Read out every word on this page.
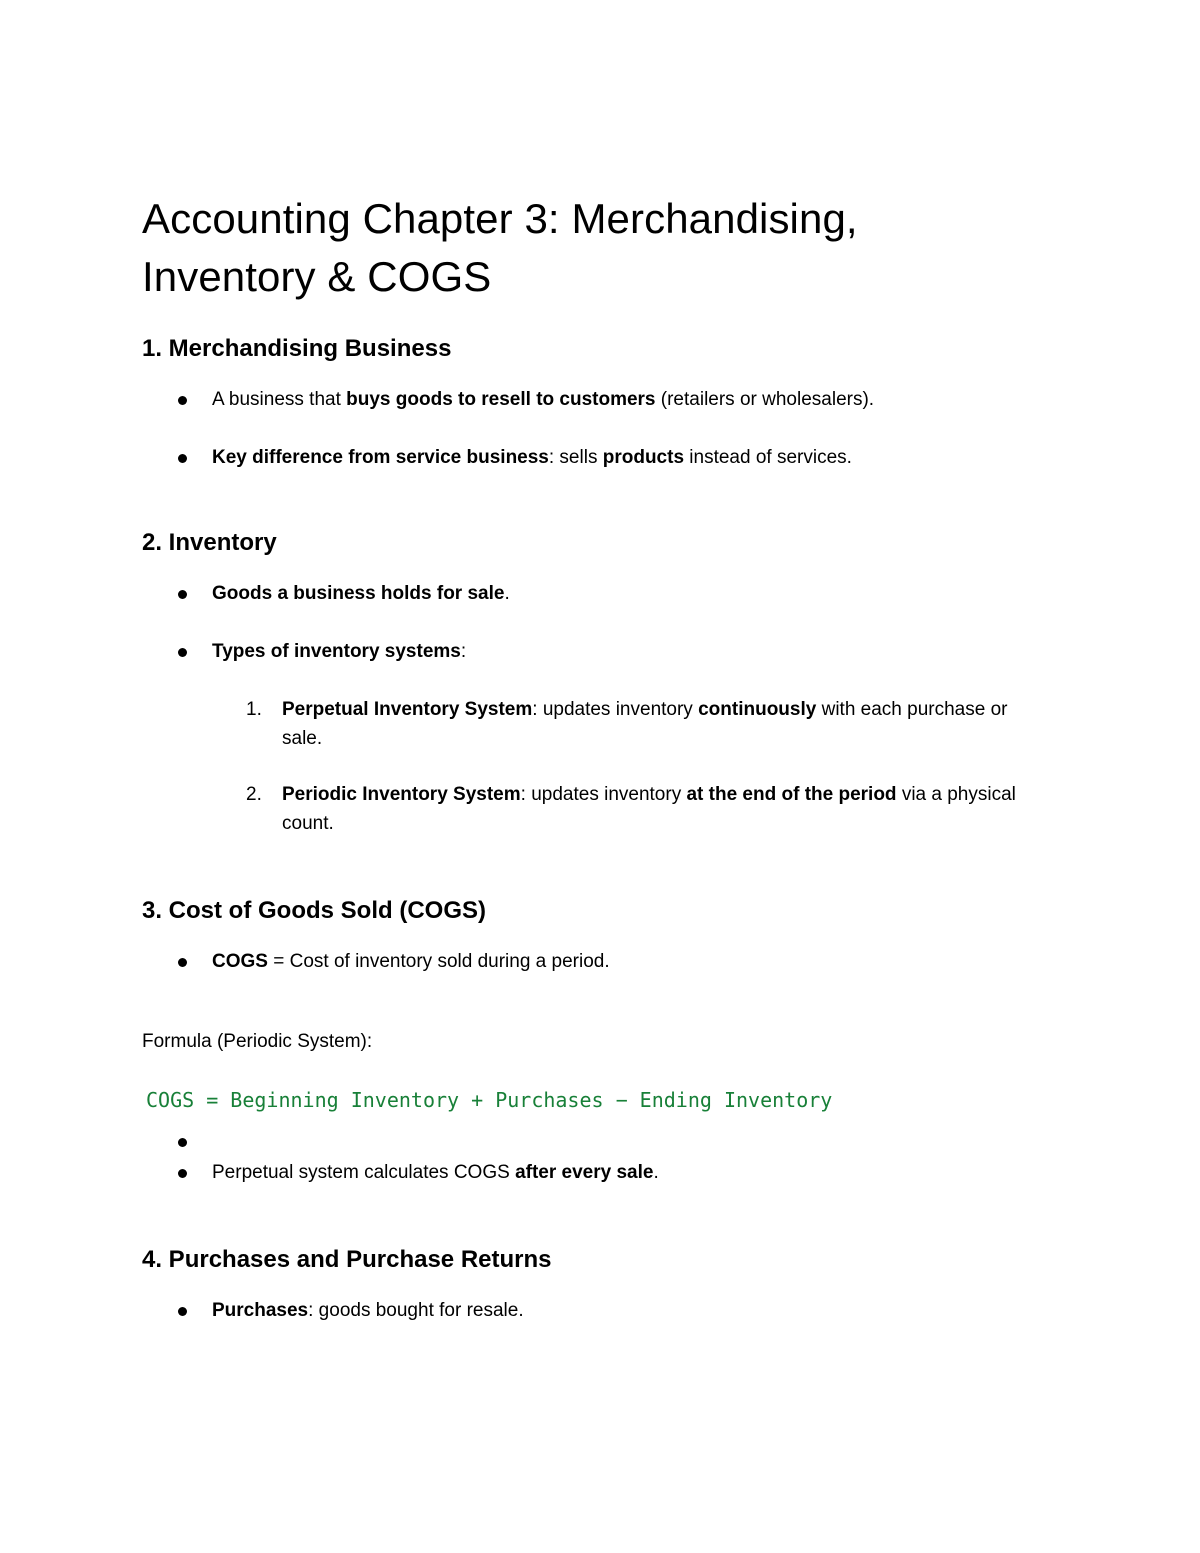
Accounting Chapter 3: Merchandising,
Inventory & COGS
1. Merchandising Business
A business that buys goods to resell to customers (retailers or wholesalers).
Key difference from service business: sells products instead of services.
2. Inventory
Goods a business holds for sale.
Types of inventory systems:
1. Perpetual Inventory System: updates inventory continuously with each purchase or sale.
2. Periodic Inventory System: updates inventory at the end of the period via a physical count.
3. Cost of Goods Sold (COGS)
COGS = Cost of inventory sold during a period.

Formula (Periodic System):

COGS = Beginning Inventory + Purchases − Ending Inventory

Perpetual system calculates COGS after every sale.
4. Purchases and Purchase Returns
Purchases: goods bought for resale.
